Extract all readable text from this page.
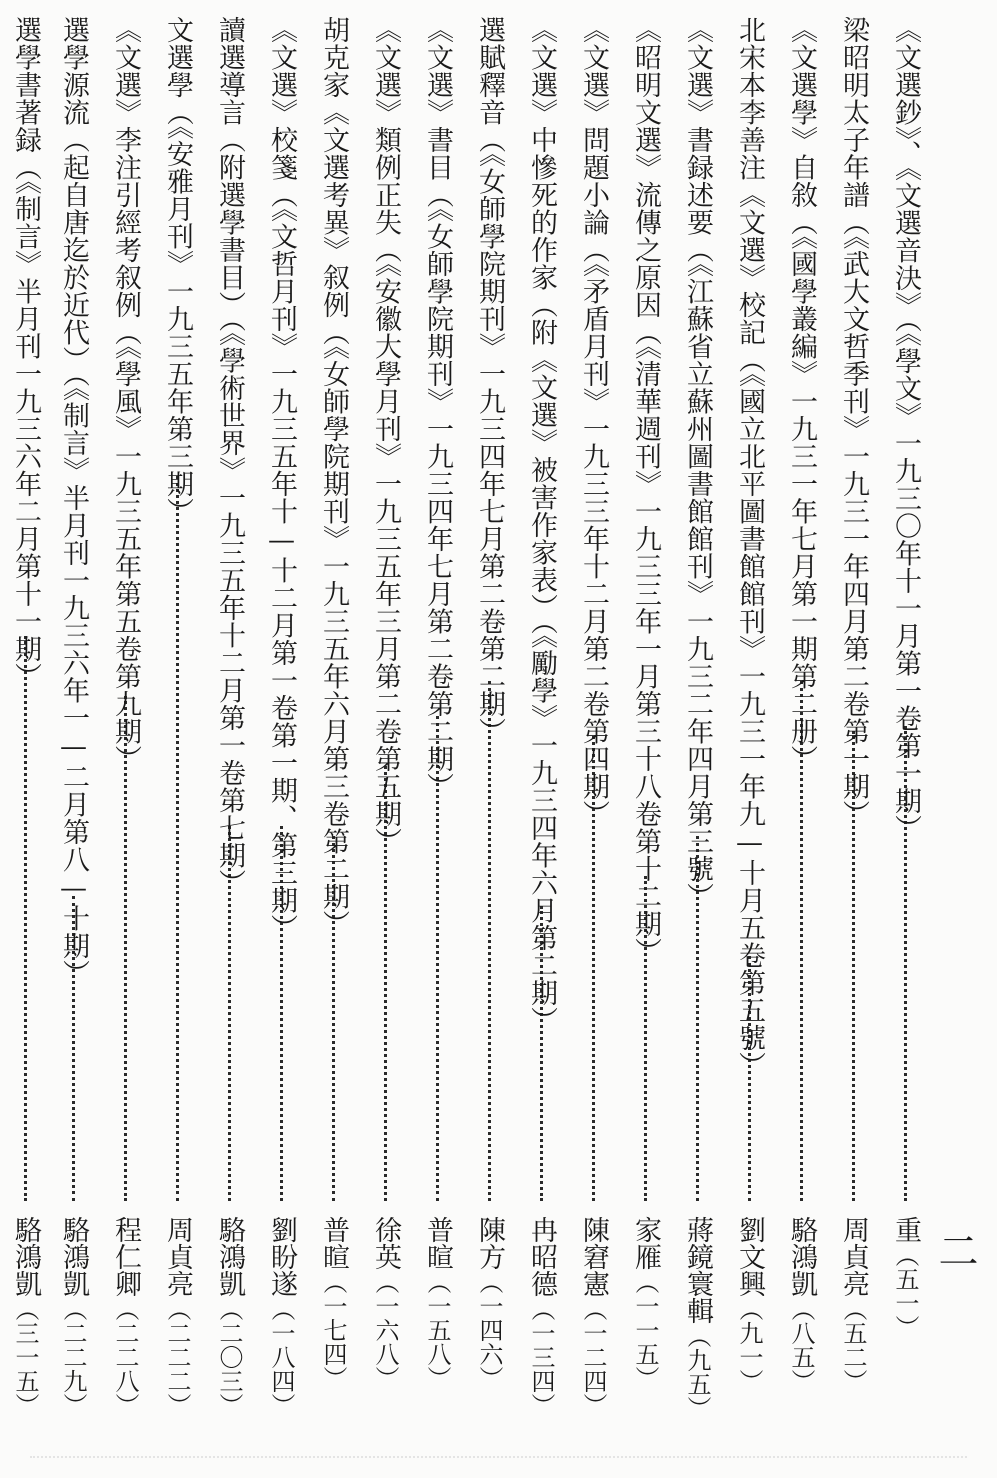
二
《文選鈔》、《文選音決》（《學文》一九三〇年十一月第一卷第一期）
重（五一）
梁昭明太子年譜（《武大文哲季刊》一九三一年四月第二卷第一期）
周貞亮（五二）
《文選學》自敘（《國學叢編》一九三一年七月第一期第二册）
駱鴻凱（八五）
北宋本李善注《文選》校記（《國立北平圖書館館刊》一九三一年九—十月五卷第五號）
劉文興（九一）
《文選》書録述要（《江蘇省立蘇州圖書館館刊》一九三二年四月第三號）
蔣鏡寰輯（九五）
《昭明文選》流傳之原因（《清華週刊》一九三三年一月第三十八卷第十二期）
家雁（一一五）
《文選》問題小論（《矛盾月刊》一九三三年十二月第二卷第四期）
陳窘憲（一二四）
《文選》中慘死的作家（附《文選》被害作家表）（《勵學》一九三四年六月第二期）
冉昭德（一三四）
選賦釋音（《女師學院期刊》一九三四年七月第二卷第二期）
陳方（一四六）
《文選》書目（《女師學院期刊》一九三四年七月第二卷第二期）
普暄（一五八）
《文選》類例正失（《安徽大學月刊》一九三五年三月第二卷第五期）
徐英（一六八）
胡克家《文選考異》叙例（《女師學院期刊》一九三五年六月第三卷第二期）
普暄（一七四）
《文選》校箋（《文哲月刊》一九三五年十—十二月第一卷第一期、第三期）
劉盼遂（一八四）
讀選導言（附選學書目）（《學術世界》一九三五年十二月第一卷第七期）
駱鴻凱（二〇三）
文選學（《安雅月刊》一九三五年第三期）
周貞亮（二二二）
《文選》李注引經考叙例（《學風》一九三五年第五卷第九期）
程仁卿（二二八）
選學源流（起自唐迄於近代）（《制言》半月刊一九三六年一—二月第八—十期）
駱鴻凱（二二九）
選學書著録（《制言》半月刊一九三六年二月第十一期）
駱鴻凱（三一五）
